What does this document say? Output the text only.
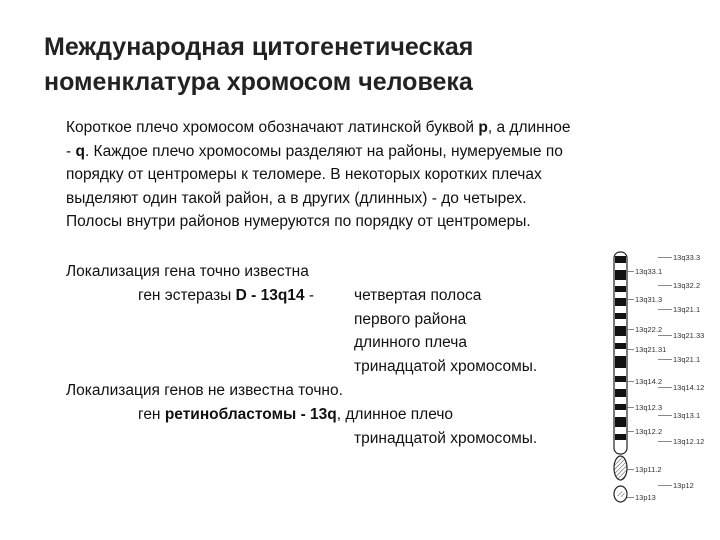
Международная цитогенетическая
номенклатура хромосом человека
Короткое плечо хромосом обозначают латинской буквой p, а длинное
- q. Каждое плечо хромосомы разделяют на районы, нумеруемые по
порядку от центромеры к теломере. В некоторых коротких плечах
выделяют один такой район, а в других (длинных) - до четырех.
Полосы внутри районов нумеруются по порядку от центромеры.
Локализация гена точно известна
ген эстеразы D - 13q14 -	четвертая полоса
первого района
длинного плеча
тринадцатой хромосомы.
Локализация генов не известна точно.
ген ретинобластомы - 13q, длинное плечо
тринадцатой хромосомы.
13q33.1
13q31.3
13q22.2
13q21.31
13q14.2
13q12.3
13q12.2
13p11.2
13p13
13q33.3
13q32.2
13q21.1
13q21.33
13q21.1
13q14.12
13q13.1
13q12.12
13p12
